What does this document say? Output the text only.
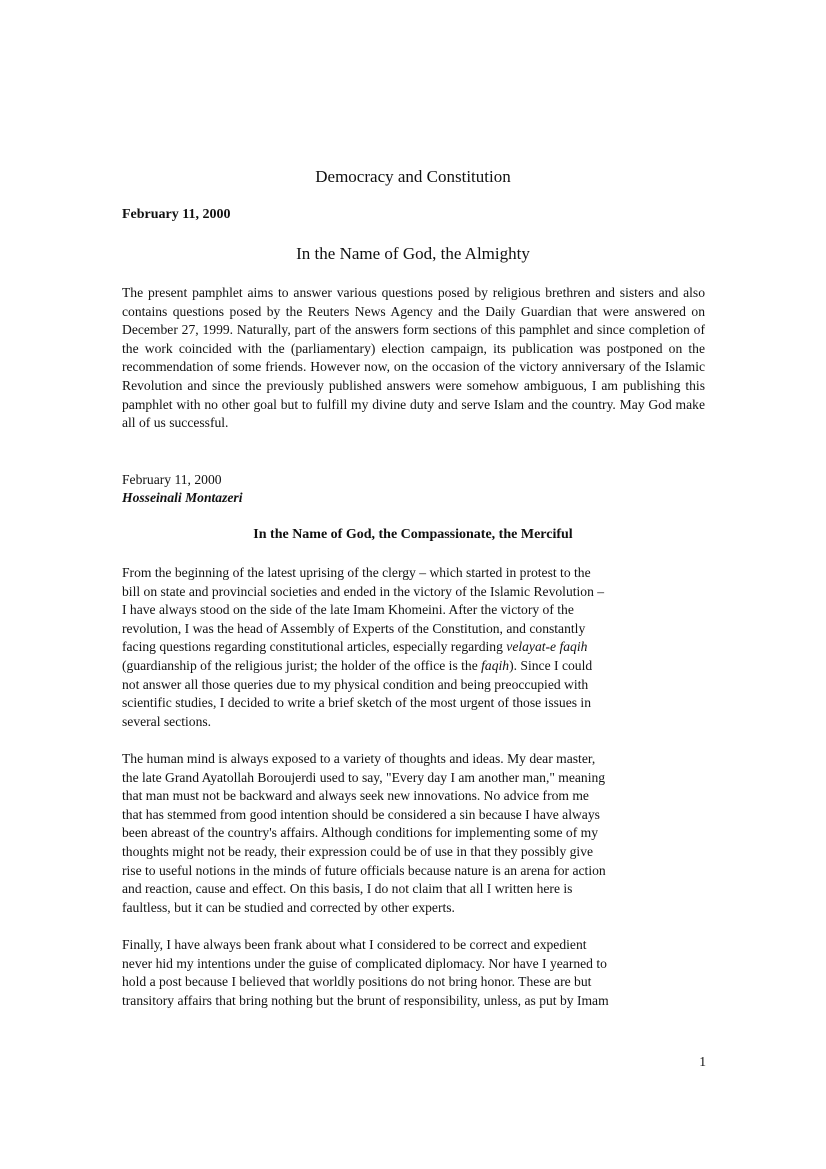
Democracy and Constitution

February 11, 2000

In the Name of God, the Almighty

The present pamphlet aims to answer various questions posed by religious brethren and sisters and also contains questions posed by the Reuters News Agency and the Daily Guardian that were answered on December 27, 1999. Naturally, part of the answers form sections of this pamphlet and since completion of the work coincided with the (parliamentary) election campaign, its publication was postponed on the recommendation of some friends. However now, on the occasion of the victory anniversary of the Islamic Revolution and since the previously published answers were somehow ambiguous, I am publishing this pamphlet with no other goal but to fulfill my divine duty and serve Islam and the country. May God make all of us successful.

February 11, 2000

Hosseinali Montazeri

In the Name of God, the Compassionate, the Merciful
From the beginning of the latest uprising of the clergy – which started in protest to the
bill on state and provincial societies and ended in the victory of the Islamic Revolution –
I have always stood on the side of the late Imam Khomeini. After the victory of the
revolution, I was the head of Assembly of Experts of the Constitution, and constantly
facing questions regarding constitutional articles, especially regarding velayat-e faqih
(guardianship of the religious jurist; the holder of the office is the faqih). Since I could
not answer all those queries due to my physical condition and being preoccupied with
scientific studies, I decided to write a brief sketch of the most urgent of those issues in
several sections.
The human mind is always exposed to a variety of thoughts and ideas. My dear master,
the late Grand Ayatollah Boroujerdi used to say, "Every day I am another man," meaning
that man must not be backward and always seek new innovations. No advice from me
that has stemmed from good intention should be considered a sin because I have always
been abreast of the country's affairs. Although conditions for implementing some of my
thoughts might not be ready, their expression could be of use in that they possibly give
rise to useful notions in the minds of future officials because nature is an arena for action
and reaction, cause and effect. On this basis, I do not claim that all I written here is
faultless, but it can be studied and corrected by other experts.
Finally, I have always been frank about what I considered to be correct and expedient
never hid my intentions under the guise of complicated diplomacy. Nor have I yearned to
hold a post because I believed that worldly positions do not bring honor. These are but
transitory affairs that bring nothing but the brunt of responsibility, unless, as put by Imam

1
